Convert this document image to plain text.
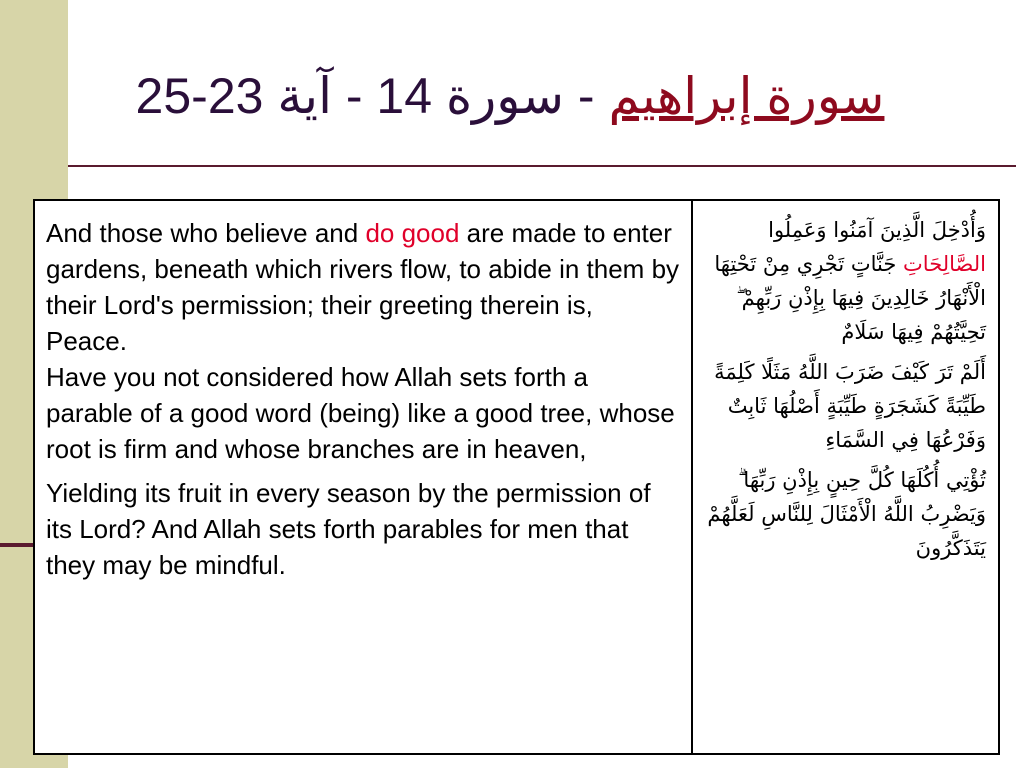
سورة إبراهيم - سورة 14 - آية 23-25

And those who believe and do good are made to enter gardens, beneath which rivers flow, to abide in them by their Lord's permission; their greeting therein is, Peace.

Have you not considered how Allah sets forth a parable of a good word (being) like a good tree, whose root is firm and whose branches are in heaven,

Yielding its fruit in every season by the permission of its Lord? And Allah sets forth parables for men that they may be mindful.

وَأُدْخِلَ الَّذِينَ آمَنُوا وَعَمِلُوا الصَّالِحَاتِ جَنَّاتٍ تَجْرِي مِنْ تَحْتِهَا الْأَنْهَارُ خَالِدِينَ فِيهَا بِإِذْنِ رَبِّهِمْ ۖ تَحِيَّتُهُمْ فِيهَا سَلَامٌ

أَلَمْ تَرَ كَيْفَ ضَرَبَ اللَّهُ مَثَلًا كَلِمَةً طَيِّبَةً كَشَجَرَةٍ طَيِّبَةٍ أَصْلُهَا ثَابِتٌ وَفَرْعُهَا فِي السَّمَاءِ

تُؤْتِي أُكُلَهَا كُلَّ حِينٍ بِإِذْنِ رَبِّهَا ۗ وَيَضْرِبُ اللَّهُ الْأَمْثَالَ لِلنَّاسِ لَعَلَّهُمْ يَتَذَكَّرُونَ
